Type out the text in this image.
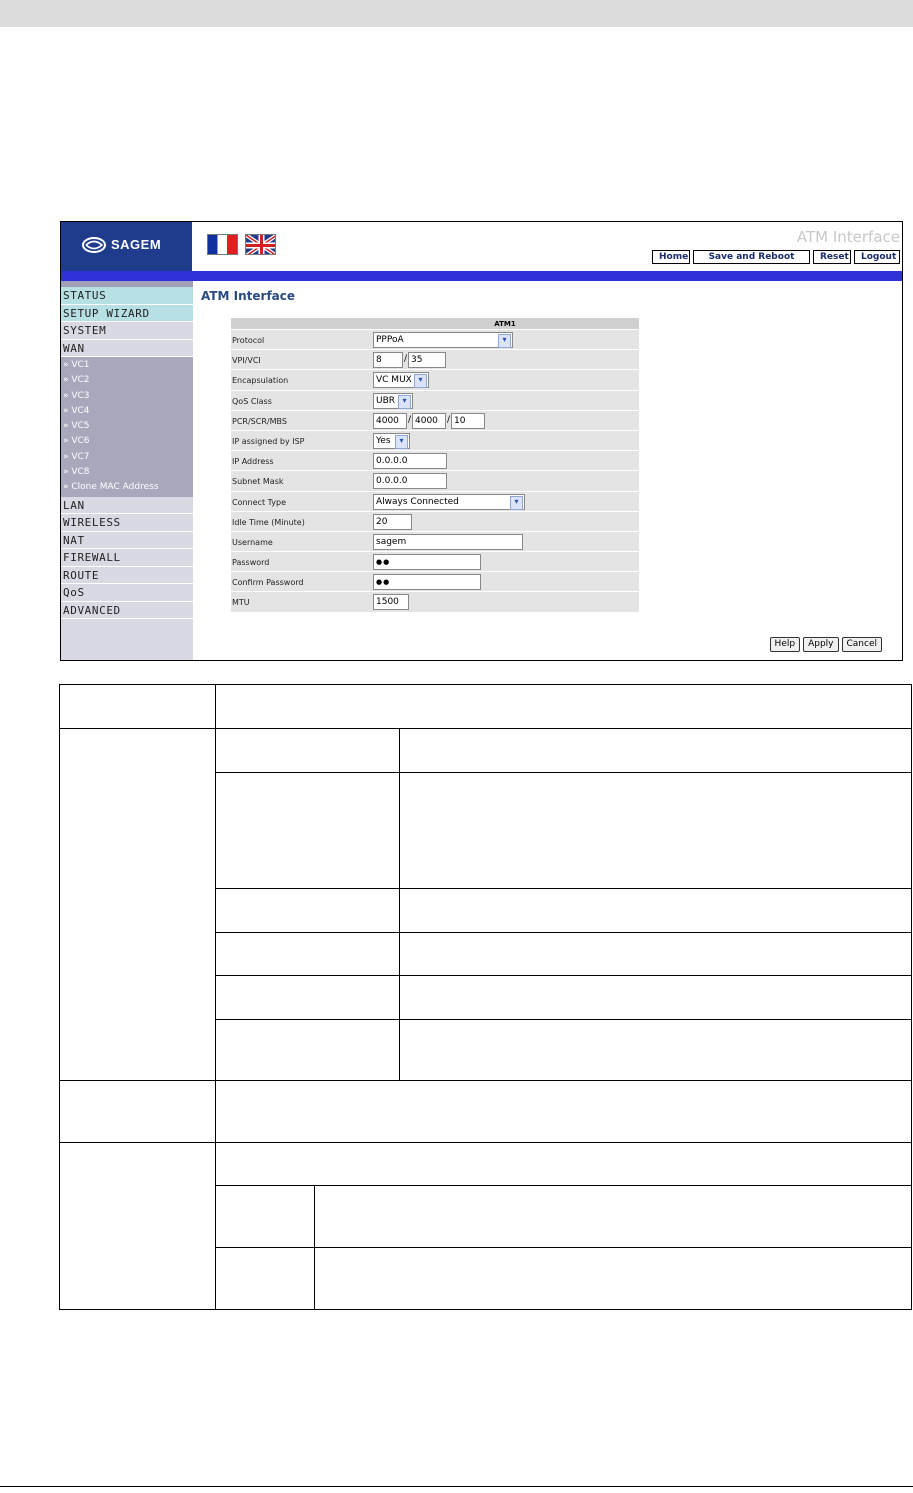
SAGEM	ATM Interface
Home	Save and Reboot	Reset	Logout
STATUS
SETUP WIZARD
SYSTEM
WAN
» VC1
» VC2
» VC3
» VC4
» VC5
» VC6
» VC7
» VC8
» Clone MAC Address
LAN
WIRELESS
NAT
FIREWALL
ROUTE
QoS
ADVANCED
ATM Interface
ATM1
Protocol	PPPoA ▾
VPI/VCI	8	/ 35
Encapsulation	VC MUX ▾
QoS Class	UBR ▾
PCR/SCR/MBS	4000	/ 4000	/ 10
IP assigned by ISP	Yes ▾
IP Address	0.0.0.0
Subnet Mask	0.0.0.0
Connect Type	Always Connected ▾
Idle Time (Minute)	20
Username	sagem
Password	●●
Confirm Password	●●
MTU	1500
Help	Apply	Cancel
